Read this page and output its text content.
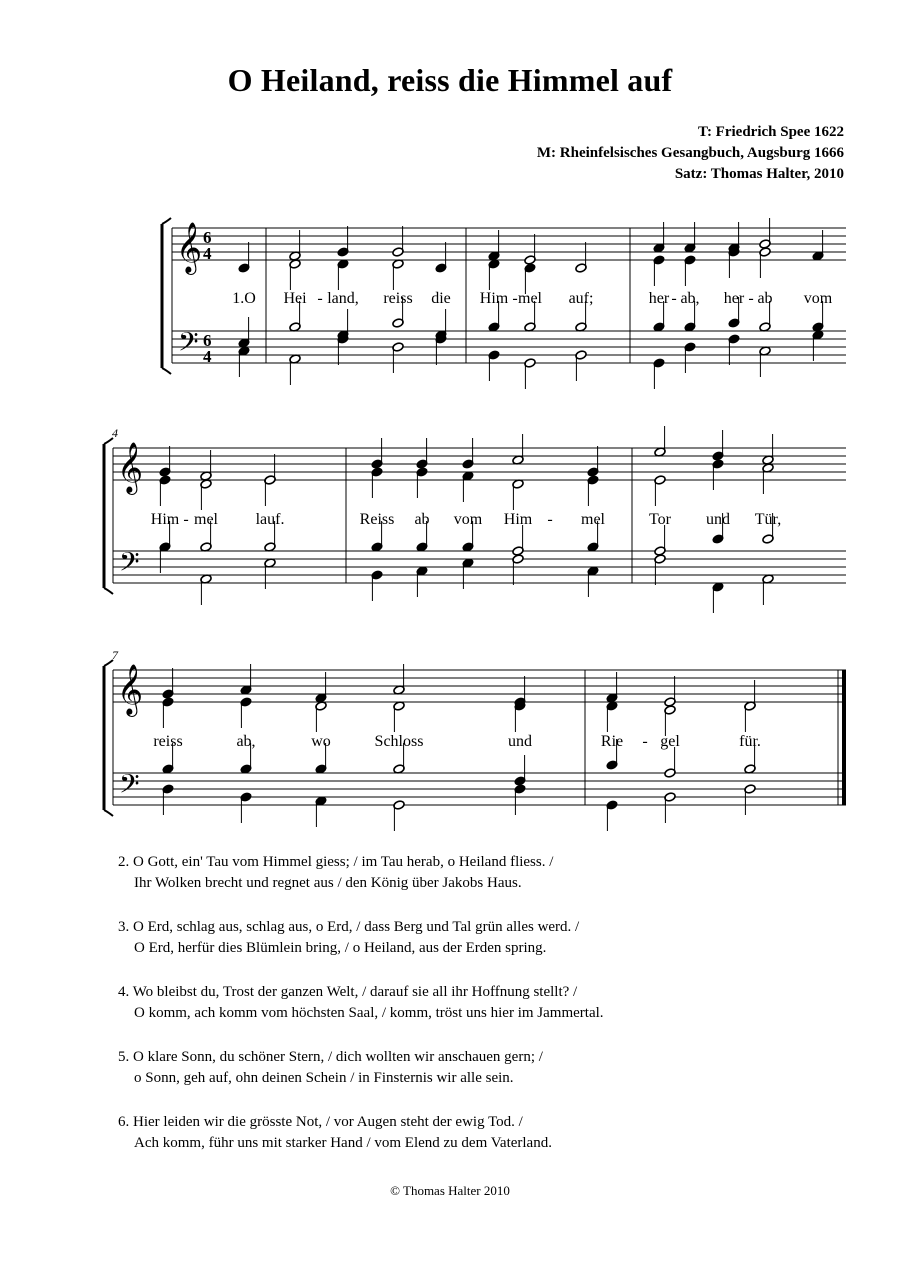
O Heiland, reiss die Himmel auf
T: Friedrich Spee 1622
M: Rheinfelsisches Gesangbuch, Augsburg 1666
Satz: Thomas Halter, 2010
𝄞
𝄢
6
4
6
4
4
𝄞
𝄢
7
𝄞
𝄢
1.O Hei - land, reiss die Him - mel auf;	her - ab, her - ab vom
Him - mel lauf.	Reiss ab vom Him - mel	Tor und Tür,
reiss	ab,	wo	Schloss	und	Rie - gel	für.
2. O Gott, ein' Tau vom Himmel giess; / im Tau herab, o Heiland fliess. /
Ihr Wolken brecht und regnet aus / den König über Jakobs Haus.
3. O Erd, schlag aus, schlag aus, o Erd, / dass Berg und Tal grün alles werd. /
O Erd, herfür dies Blümlein bring, / o Heiland, aus der Erden spring.
4. Wo bleibst du, Trost der ganzen Welt, / darauf sie all ihr Hoffnung stellt? /
O komm, ach komm vom höchsten Saal, / komm, tröst uns hier im Jammertal.
5. O klare Sonn, du schöner Stern, / dich wollten wir anschauen gern; /
o Sonn, geh auf, ohn deinen Schein / in Finsternis wir alle sein.
6. Hier leiden wir die grösste Not, / vor Augen steht der ewig Tod. /
Ach komm, führ uns mit starker Hand / vom Elend zu dem Vaterland.
© Thomas Halter 2010
